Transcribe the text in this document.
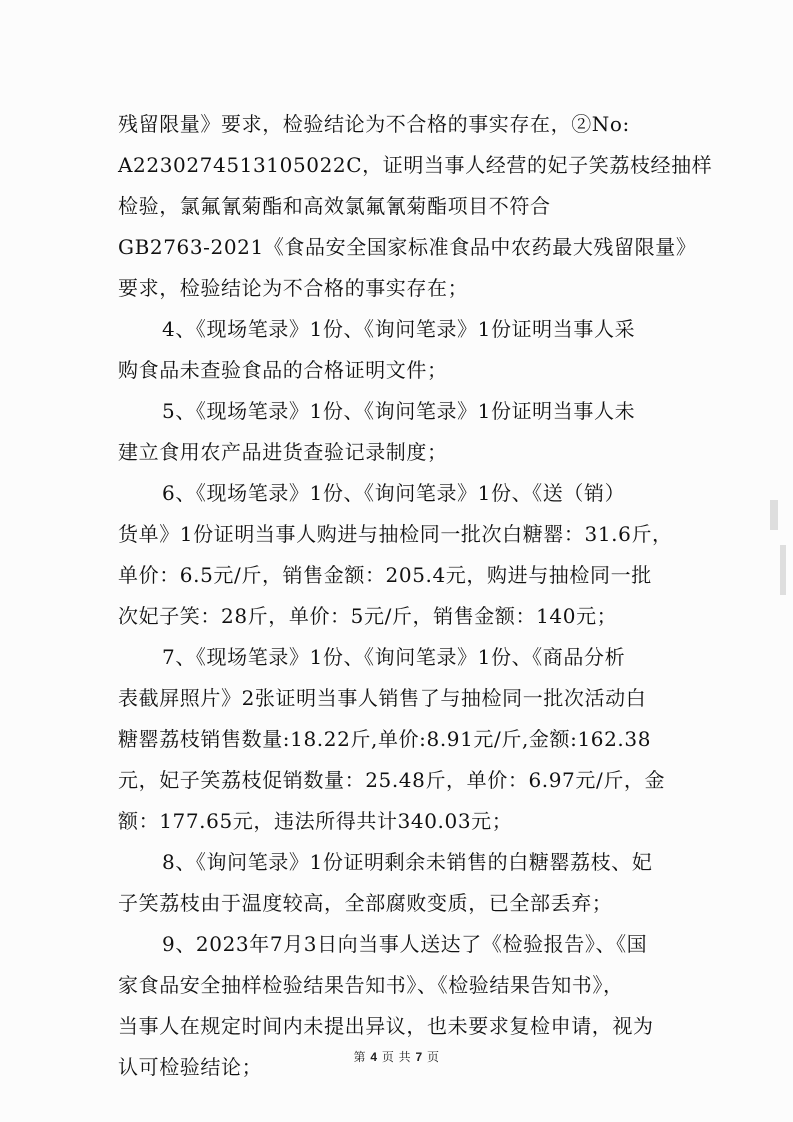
残留限量》要求，检验结论为不合格的事实存在，②No:
A2230274513105022C，证明当事人经营的妃子笑荔枝经抽样
检验，氯氟氰菊酯和高效氯氟氰菊酯项目不符合
GB2763-2021《食品安全国家标准食品中农药最大残留限量》
要求，检验结论为不合格的事实存在；
4、《现场笔录》1份、《询问笔录》1份证明当事人采
购食品未查验食品的合格证明文件；
5、《现场笔录》1份、《询问笔录》1份证明当事人未
建立食用农产品进货查验记录制度；
6、《现场笔录》1份、《询问笔录》1份、《送（销）
货单》1份证明当事人购进与抽检同一批次白糖罂：31.6斤，
单价：6.5元/斤，销售金额：205.4元，购进与抽检同一批
次妃子笑：28斤，单价：5元/斤，销售金额：140元；
7、《现场笔录》1份、《询问笔录》1份、《商品分析
表截屏照片》2张证明当事人销售了与抽检同一批次活动白
糖罂荔枝销售数量:18.22斤,单价:8.91元/斤,金额:162.38
元，妃子笑荔枝促销数量：25.48斤，单价：6.97元/斤，金
额：177.65元，违法所得共计340.03元；
8、《询问笔录》1份证明剩余未销售的白糖罂荔枝、妃
子笑荔枝由于温度较高，全部腐败变质，已全部丢弃；
9、2023年7月3日向当事人送达了《检验报告》、《国
家食品安全抽样检验结果告知书》、《检验结果告知书》，
当事人在规定时间内未提出异议，也未要求复检申请，视为
认可检验结论；	第 4 页 共 7 页
